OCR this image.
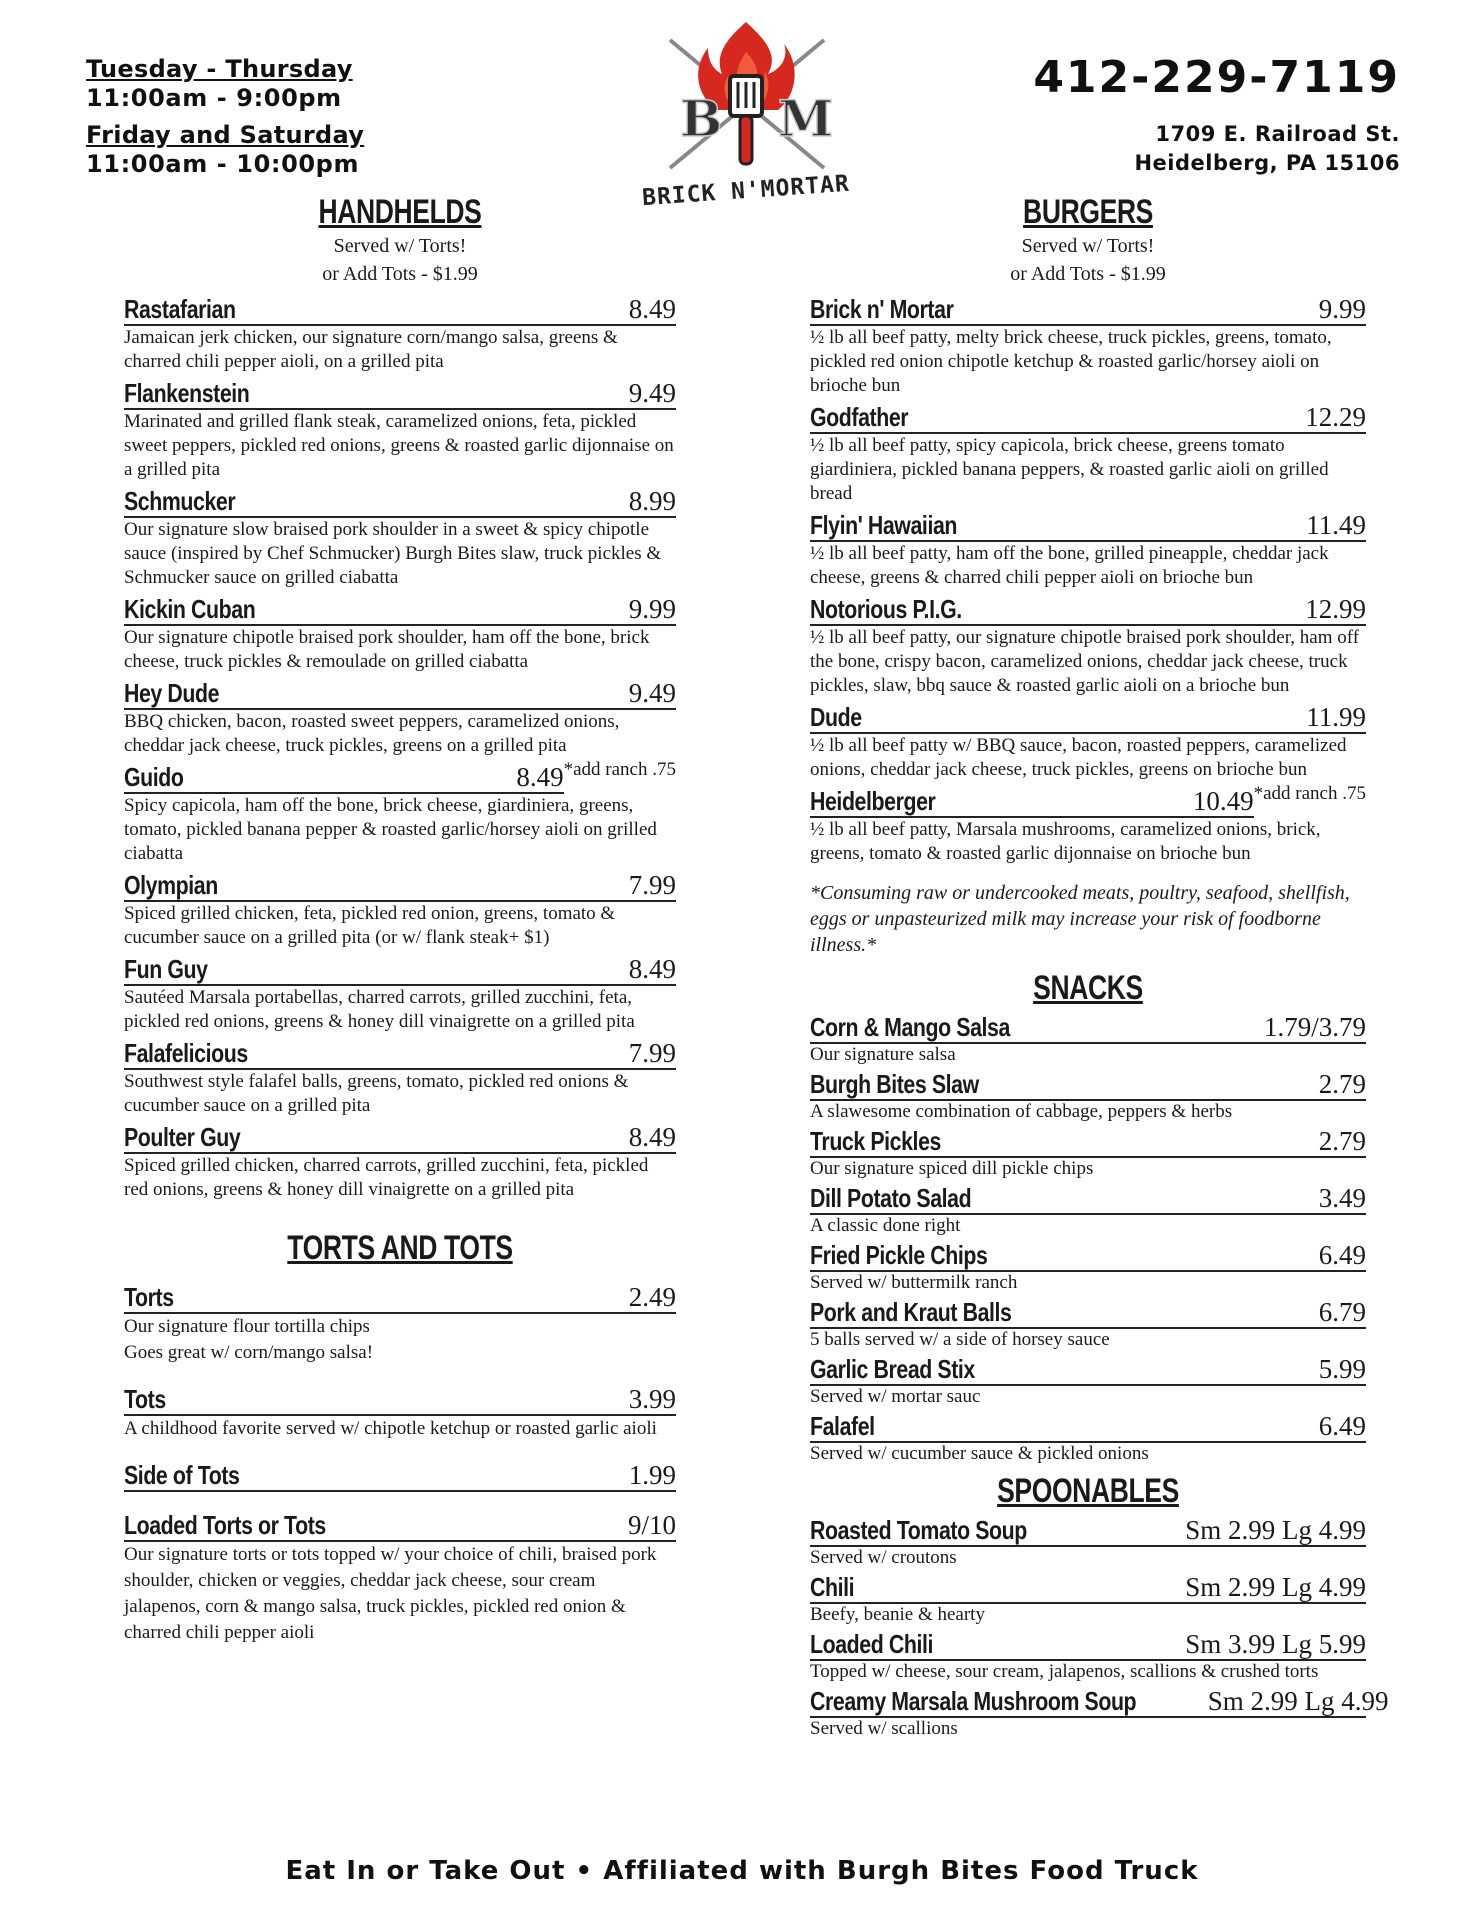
Tuesday - Thursday
11:00am - 9:00pm
Friday and Saturday
11:00am - 10:00pm
B M
BRICK N'MORTAR
412-229-7119
1709 E. Railroad St.
Heidelberg, PA 15106
HANDHELDS
Served w/ Torts!
or Add Tots - $1.99
Rastafarian	8.49
Jamaican jerk chicken, our signature corn/mango salsa, greens & charred chili pepper aioli, on a grilled pita
Flankenstein	9.49
Marinated and grilled flank steak, caramelized onions, feta, pickled sweet peppers, pickled red onions, greens & roasted garlic dijonnaise on a grilled pita
Schmucker	8.99
Our signature slow braised pork shoulder in a sweet & spicy chipotle sauce (inspired by Chef Schmucker) Burgh Bites slaw, truck pickles & Schmucker sauce on grilled ciabatta
Kickin Cuban	9.99
Our signature chipotle braised pork shoulder, ham off the bone, brick cheese, truck pickles & remoulade on grilled ciabatta
Hey Dude	9.49
BBQ chicken, bacon, roasted sweet peppers, caramelized onions, cheddar jack cheese, truck pickles, greens on a grilled pita
*add ranch .75
Guido	8.49
Spicy capicola, ham off the bone, brick cheese, giardiniera, greens, tomato, pickled banana pepper & roasted garlic/horsey aioli on grilled ciabatta
Olympian	7.99
Spiced grilled chicken, feta, pickled red onion, greens, tomato & cucumber sauce on a grilled pita (or w/ flank steak+ $1)
Fun Guy	8.49
Sautéed Marsala portabellas, charred carrots, grilled zucchini, feta, pickled red onions, greens & honey dill vinaigrette on a grilled pita
Falafelicious	7.99
Southwest style falafel balls, greens, tomato, pickled red onions & cucumber sauce on a grilled pita
Poulter Guy	8.49
Spiced grilled chicken, charred carrots, grilled zucchini, feta, pickled red onions, greens & honey dill vinaigrette on a grilled pita
TORTS AND TOTS
Torts	2.49
Our signature flour tortilla chips
Goes great w/ corn/mango salsa!
Tots	3.99
A childhood favorite served w/ chipotle ketchup or roasted garlic aioli
Side of Tots	1.99
Loaded Torts or Tots	9/10
Our signature torts or tots topped w/ your choice of chili, braised pork shoulder, chicken or veggies, cheddar jack cheese, sour cream jalapenos, corn & mango salsa, truck pickles, pickled red onion & charred chili pepper aioli
BURGERS
Served w/ Torts!
or Add Tots - $1.99
Brick n' Mortar	9.99
½ lb all beef patty, melty brick cheese, truck pickles, greens, tomato, pickled red onion chipotle ketchup & roasted garlic/horsey aioli on brioche bun
Godfather	12.29
½ lb all beef patty, spicy capicola, brick cheese, greens tomato giardiniera, pickled banana peppers, & roasted garlic aioli on grilled bread
Flyin' Hawaiian	11.49
½ lb all beef patty, ham off the bone, grilled pineapple, cheddar jack cheese, greens & charred chili pepper aioli on brioche bun
Notorious P.I.G.	12.99
½ lb all beef patty, our signature chipotle braised pork shoulder, ham off the bone, crispy bacon, caramelized onions, cheddar jack cheese, truck pickles, slaw, bbq sauce & roasted garlic aioli on a brioche bun
Dude	11.99
½ lb all beef patty w/ BBQ sauce, bacon, roasted peppers, caramelized onions, cheddar jack cheese, truck pickles, greens on brioche bun
*add ranch .75
Heidelberger	10.49
½ lb all beef patty, Marsala mushrooms, caramelized onions, brick, greens, tomato & roasted garlic dijonnaise on brioche bun
*Consuming raw or undercooked meats, poultry, seafood, shellfish, eggs or unpasteurized milk may increase your risk of foodborne illness.*
SNACKS
Corn & Mango Salsa	1.79/3.79
Our signature salsa
Burgh Bites Slaw	2.79
A slawesome combination of cabbage, peppers & herbs
Truck Pickles	2.79
Our signature spiced dill pickle chips
Dill Potato Salad	3.49
A classic done right
Fried Pickle Chips	6.49
Served w/ buttermilk ranch
Pork and Kraut Balls	6.79
5 balls served w/ a side of horsey sauce
Garlic Bread Stix	5.99
Served w/ mortar sauc
Falafel	6.49
Served w/ cucumber sauce & pickled onions
SPOONABLES
Roasted Tomato Soup	Sm 2.99 Lg 4.99
Served w/ croutons
Chili	Sm 2.99 Lg 4.99
Beefy, beanie & hearty
Loaded Chili	Sm 3.99 Lg 5.99
Topped w/ cheese, sour cream, jalapenos, scallions & crushed torts
Creamy Marsala Mushroom Soup	Sm 2.99 Lg 4.99
Served w/ scallions
Eat In or Take Out • Affiliated with Burgh Bites Food Truck
